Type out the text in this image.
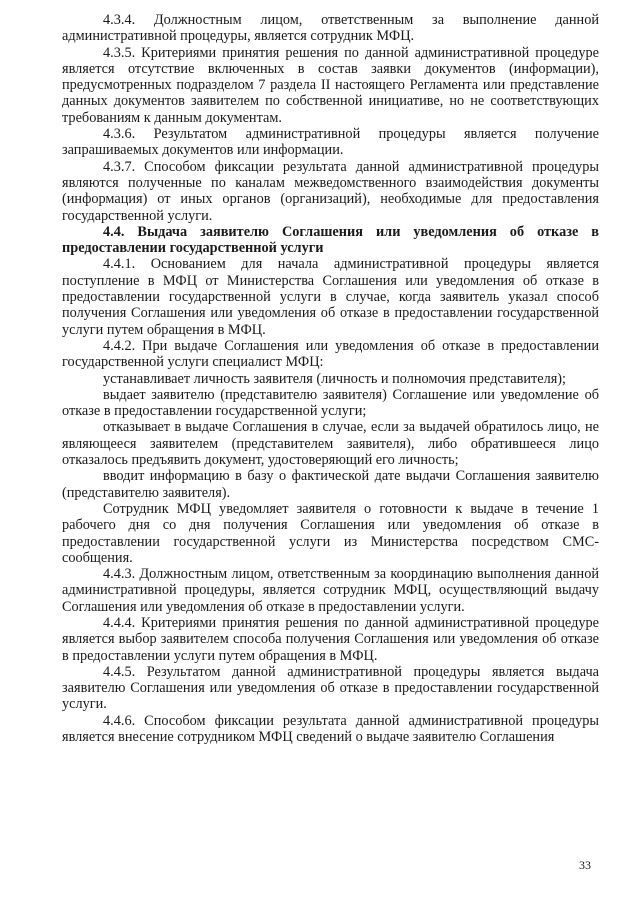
4.3.4. Должностным лицом, ответственным за выполнение данной административной процедуры, является сотрудник МФЦ.

4.3.5. Критериями принятия решения по данной административной процедуре является отсутствие включенных в состав заявки документов (информации), предусмотренных подразделом 7 раздела II настоящего Регламента или представление данных документов заявителем по собственной инициативе, но не соответствующих требованиям к данным документам.

4.3.6. Результатом административной процедуры является получение запрашиваемых документов или информации.

4.3.7. Способом фиксации результата данной административной процедуры являются полученные по каналам межведомственного взаимодействия документы (информация) от иных органов (организаций), необходимые для предоставления государственной услуги.

4.4. Выдача заявителю Соглашения или уведомления об отказе в предоставлении государственной услуги

4.4.1. Основанием для начала административной процедуры является поступление в МФЦ от Министерства Соглашения или уведомления об отказе в предоставлении государственной услуги в случае, когда заявитель указал способ получения Соглашения или уведомления об отказе в предоставлении государственной услуги путем обращения в МФЦ.

4.4.2. При выдаче Соглашения или уведомления об отказе в предоставлении государственной услуги специалист МФЦ:

устанавливает личность заявителя (личность и полномочия представителя);

выдает заявителю (представителю заявителя) Соглашение или уведомление об отказе в предоставлении государственной услуги;

отказывает в выдаче Соглашения в случае, если за выдачей обратилось лицо, не являющееся заявителем (представителем заявителя), либо обратившееся лицо отказалось предъявить документ, удостоверяющий его личность;

вводит информацию в базу о фактической дате выдачи Соглашения заявителю (представителю заявителя).

Сотрудник МФЦ уведомляет заявителя о готовности к выдаче в течение 1 рабочего дня со дня получения Соглашения или уведомления об отказе в предоставлении государственной услуги из Министерства посредством СМС-сообщения.

4.4.3. Должностным лицом, ответственным за координацию выполнения данной административной процедуры, является сотрудник МФЦ, осуществляющий выдачу Соглашения или уведомления об отказе в предоставлении услуги.

4.4.4. Критериями принятия решения по данной административной процедуре является выбор заявителем способа получения Соглашения или уведомления об отказе в предоставлении услуги путем обращения в МФЦ.

4.4.5. Результатом данной административной процедуры является выдача заявителю Соглашения или уведомления об отказе в предоставлении государственной услуги.

4.4.6. Способом фиксации результата данной административной процедуры является внесение сотрудником МФЦ сведений о выдаче заявителю Соглашения

33
